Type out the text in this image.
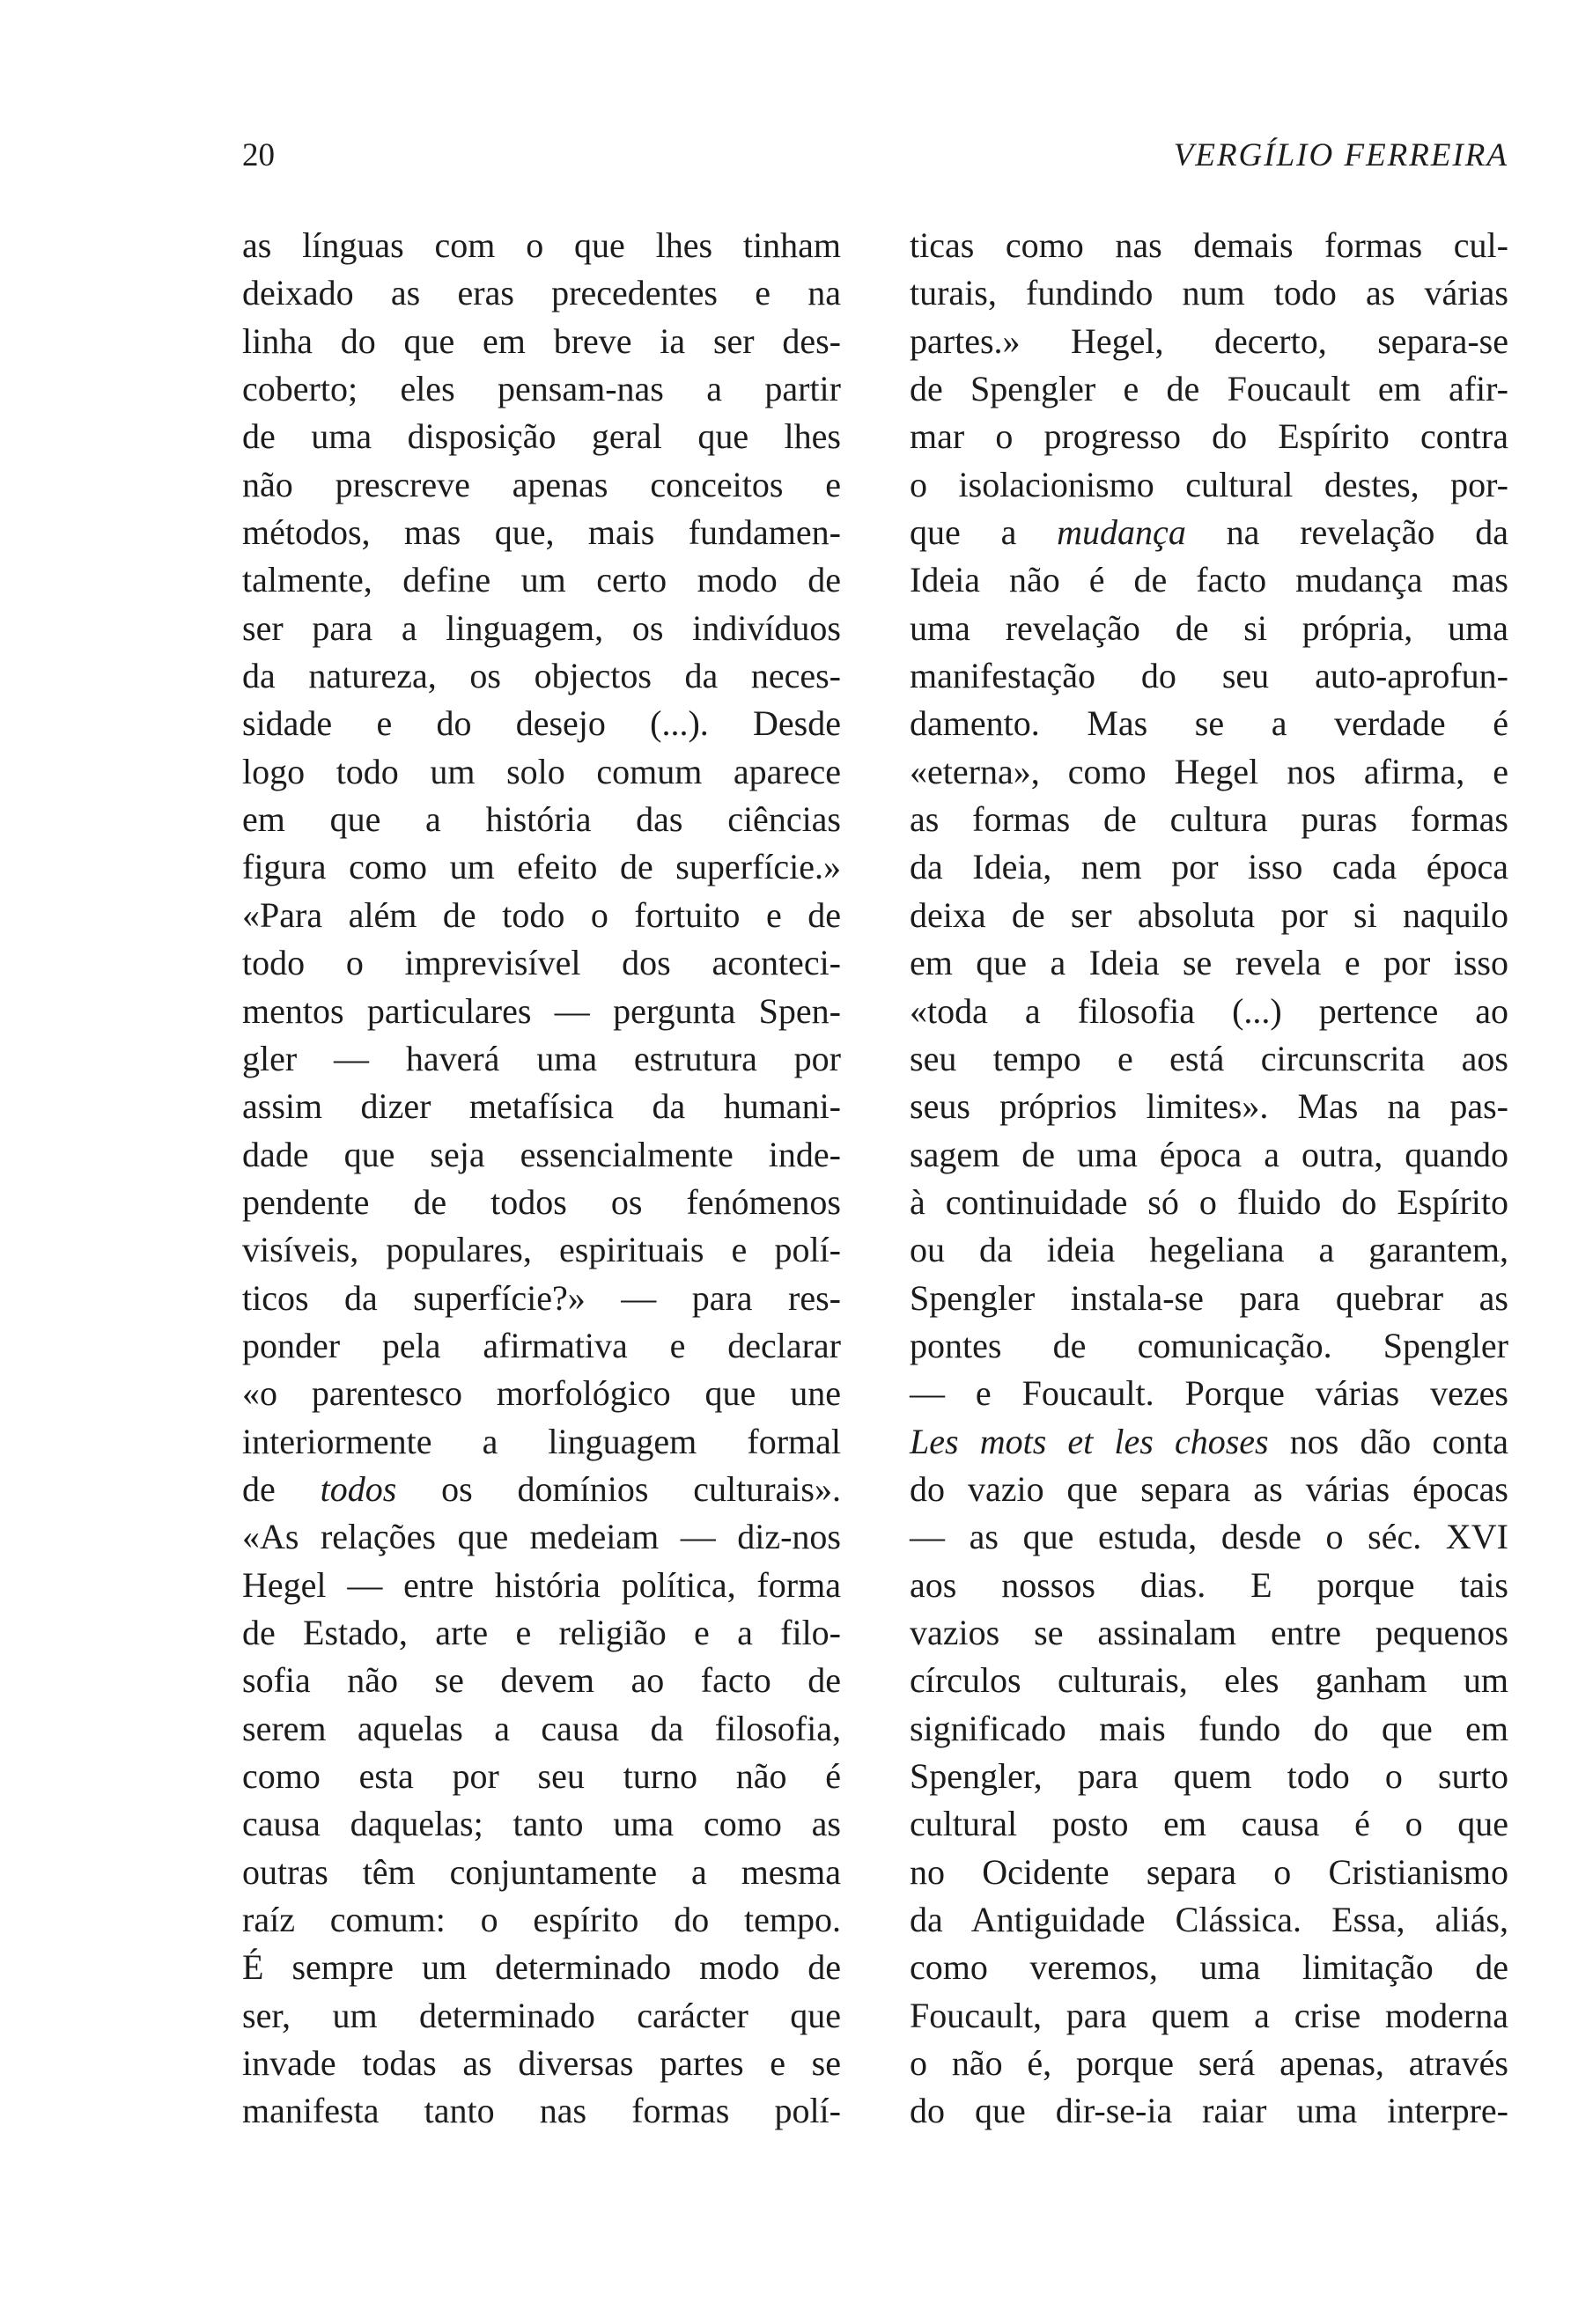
20	VERGÍLIO FERREIRA
as línguas com o que lhes tinham
deixado as eras precedentes e na
linha do que em breve ia ser des-
coberto; eles pensam-nas a partir
de uma disposição geral que lhes
não prescreve apenas conceitos e
métodos, mas que, mais fundamen-
talmente, define um certo modo de
ser para a linguagem, os indivíduos
da natureza, os objectos da neces-
sidade e do desejo (...). Desde
logo todo um solo comum aparece
em que a história das ciências
figura como um efeito de superfície.»
«Para além de todo o fortuito e de
todo o imprevisível dos aconteci-
mentos particulares — pergunta Spen-
gler — haverá uma estrutura por
assim dizer metafísica da humani-
dade que seja essencialmente inde-
pendente de todos os fenómenos
visíveis, populares, espirituais e polí-
ticos da superfície?» — para res-
ponder pela afirmativa e declarar
«o parentesco morfológico que une
interiormente a linguagem formal
de todos os domínios culturais».
«As relações que medeiam — diz-nos
Hegel — entre história política, forma
de Estado, arte e religião e a filo-
sofia não se devem ao facto de
serem aquelas a causa da filosofia,
como esta por seu turno não é
causa daquelas; tanto uma como as
outras têm conjuntamente a mesma
raíz comum: o espírito do tempo.
É sempre um determinado modo de
ser, um determinado carácter que
invade todas as diversas partes e se
manifesta tanto nas formas polí-
ticas como nas demais formas cul-
turais, fundindo num todo as várias
partes.» Hegel, decerto, separa-se
de Spengler e de Foucault em afir-
mar o progresso do Espírito contra
o isolacionismo cultural destes, por-
que a mudança na revelação da
Ideia não é de facto mudança mas
uma revelação de si própria, uma
manifestação do seu auto-aprofun-
damento. Mas se a verdade é
«eterna», como Hegel nos afirma, e
as formas de cultura puras formas
da Ideia, nem por isso cada época
deixa de ser absoluta por si naquilo
em que a Ideia se revela e por isso
«toda a filosofia (...) pertence ao
seu tempo e está circunscrita aos
seus próprios limites». Mas na pas-
sagem de uma época a outra, quando
à continuidade só o fluido do Espírito
ou da ideia hegeliana a garantem,
Spengler instala-se para quebrar as
pontes de comunicação. Spengler
— e Foucault. Porque várias vezes
Les mots et les choses nos dão conta
do vazio que separa as várias épocas
— as que estuda, desde o séc. XVI
aos nossos dias. E porque tais
vazios se assinalam entre pequenos
círculos culturais, eles ganham um
significado mais fundo do que em
Spengler, para quem todo o surto
cultural posto em causa é o que
no Ocidente separa o Cristianismo
da Antiguidade Clássica. Essa, aliás,
como veremos, uma limitação de
Foucault, para quem a crise moderna
o não é, porque será apenas, através
do que dir-se-ia raiar uma interpre-
